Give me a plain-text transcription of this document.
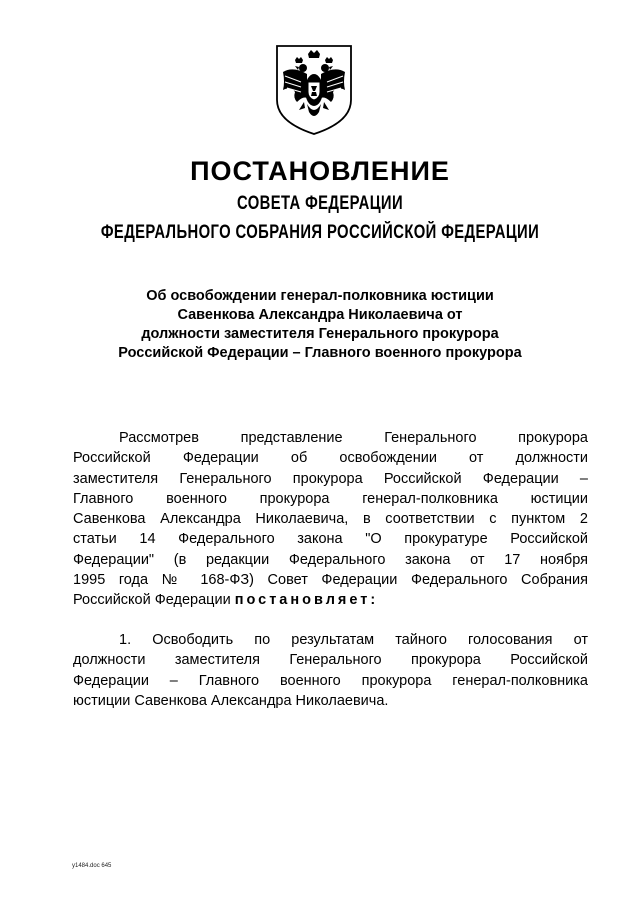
ПОСТАНОВЛЕНИЕ
СОВЕТА ФЕДЕРАЦИИ
ФЕДЕРАЛЬНОГО СОБРАНИЯ РОССИЙСКОЙ ФЕДЕРАЦИИ
Об освобождении генерал-полковника юстиции
Савенкова Александра Николаевича от
должности заместителя Генерального прокурора
Российской Федерации – Главного военного прокурора
Рассмотрев представление Генерального прокурора
Российской Федерации об освобождении от должности
заместителя Генерального прокурора Российской Федерации –
Главного военного прокурора генерал-полковника юстиции
Савенкова Александра Николаевича, в соответствии с пунктом 2
статьи 14 Федерального закона "О прокуратуре Российской
Федерации" (в редакции Федерального закона от 17 ноября
1995 года № 168-ФЗ) Совет Федерации Федерального Собрания
Российской Федерации постановляет:
1. Освободить по результатам тайного голосования от
должности заместителя Генерального прокурора Российской
Федерации – Главного военного прокурора генерал-полковника
юстиции Савенкова Александра Николаевича.
у1484.doc 645
